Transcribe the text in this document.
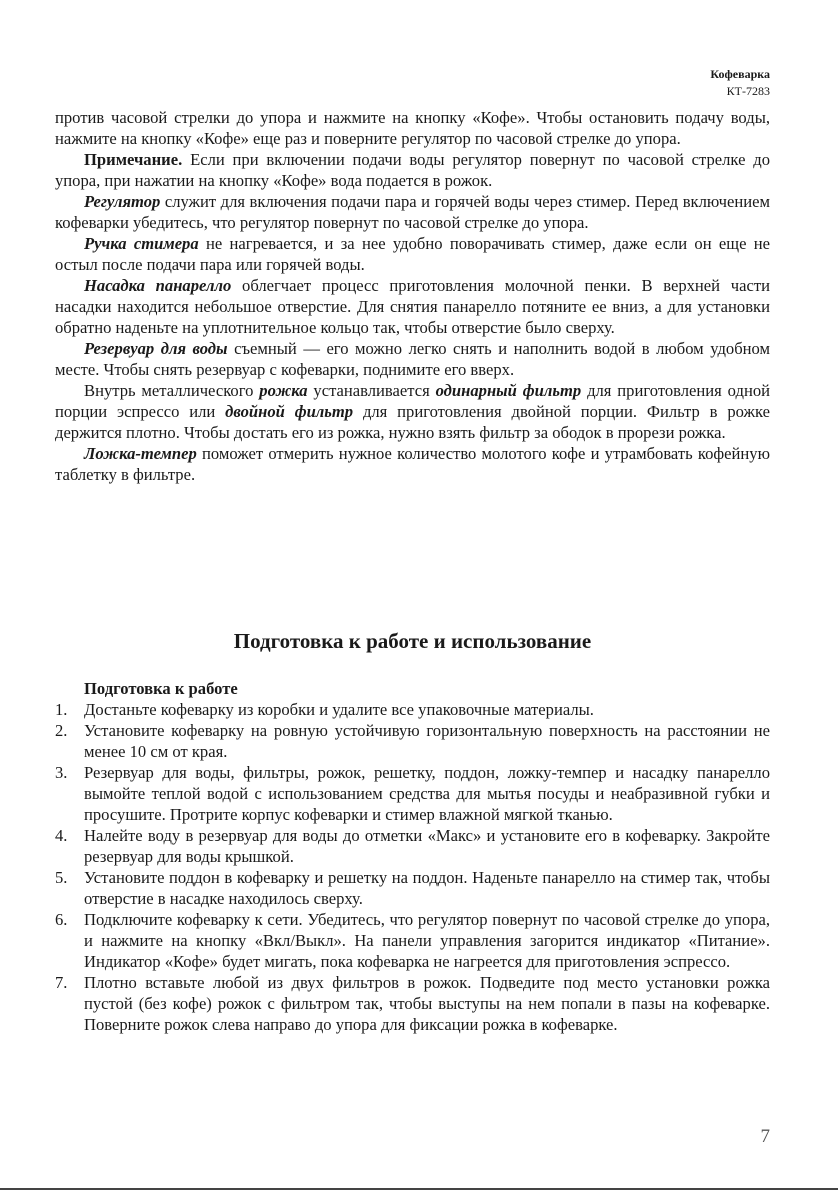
Кофеварка
КТ-7283

против часовой стрелки до упора и нажмите на кнопку «Кофе». Чтобы остановить подачу воды, нажмите на кнопку «Кофе» еще раз и поверните регулятор по часовой стрелке до упора.

Примечание. Если при включении подачи воды регулятор повернут по часовой стрелке до упора, при нажатии на кнопку «Кофе» вода подается в рожок.

Регулятор служит для включения подачи пара и горячей воды через стимер. Перед включением кофеварки убедитесь, что регулятор повернут по часовой стрелке до упора.

Ручка стимера не нагревается, и за нее удобно поворачивать стимер, даже если он еще не остыл после подачи пара или горячей воды.

Насадка панарелло облегчает процесс приготовления молочной пенки. В верхней части насадки находится небольшое отверстие. Для снятия панарелло потяните ее вниз, а для установки обратно наденьте на уплотнительное кольцо так, чтобы отверстие было сверху.

Резервуар для воды съемный — его можно легко снять и наполнить водой в любом удобном месте. Чтобы снять резервуар с кофеварки, поднимите его вверх.

Внутрь металлического рожка устанавливается одинарный фильтр для приготовления одной порции эспрессо или двойной фильтр для приготовления двойной порции. Фильтр в рожке держится плотно. Чтобы достать его из рожка, нужно взять фильтр за ободок в прорези рожка.

Ложка-темпер поможет отмерить нужное количество молотого кофе и утрамбовать кофейную таблетку в фильтре.

Подготовка к работе и использование

Подготовка к работе

1. Достаньте кофеварку из коробки и удалите все упаковочные материалы.
2. Установите кофеварку на ровную устойчивую горизонтальную поверхность на расстоянии не менее 10 см от края.
3. Резервуар для воды, фильтры, рожок, решетку, поддон, ложку-темпер и насадку панарелло вымойте теплой водой с использованием средства для мытья посуды и неабразивной губки и просушите. Протрите корпус кофеварки и стимер влажной мягкой тканью.
4. Налейте воду в резервуар для воды до отметки «Макс» и установите его в кофеварку. Закройте резервуар для воды крышкой.
5. Установите поддон в кофеварку и решетку на поддон. Наденьте панарелло на стимер так, чтобы отверстие в насадке находилось сверху.
6. Подключите кофеварку к сети. Убедитесь, что регулятор повернут по часовой стрелке до упора, и нажмите на кнопку «Вкл/Выкл». На панели управления загорится индикатор «Питание». Индикатор «Кофе» будет мигать, пока кофеварка не нагреется для приготовления эспрессо.
7. Плотно вставьте любой из двух фильтров в рожок. Подведите под место установки рожка пустой (без кофе) рожок с фильтром так, чтобы выступы на нем попали в пазы на кофеварке. Поверните рожок слева направо до упора для фиксации рожка в кофеварке.
7
